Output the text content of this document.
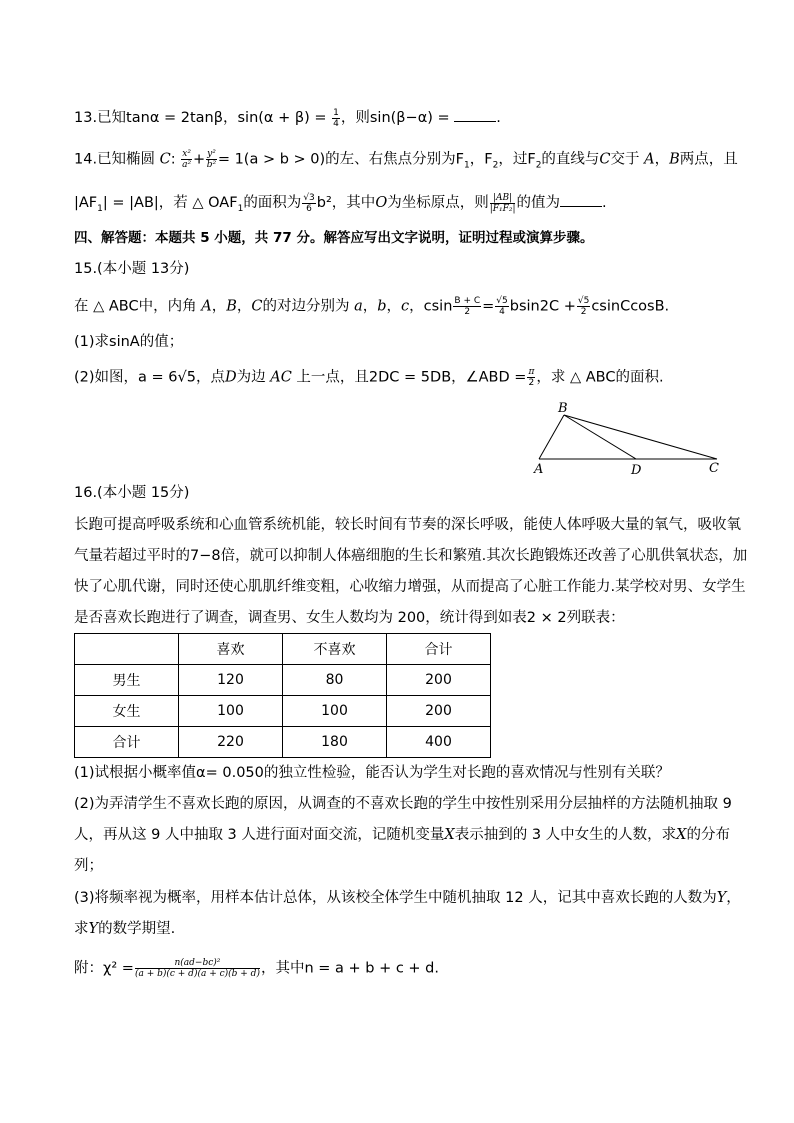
13.已知tanα = 2tanβ，$\sin(\alpha + \beta) = \frac{1}{4}$ ，则sin(β−α) =	.
14.已知椭圆 C: $\frac{\text{x²}}{\text{a²}} + \frac{\text{y²}}{\text{b²}} = 1(a > b > 0)$的左、右焦点分别为$F_1$，$F_2$，过$F_2$的直线与C交于 A，B两点，且
$|AF_1| = |AB|$，若 △ $OAF_1$的面积为 $\frac{√3}{6} b^2$，其中O为坐标原点，则 $\frac{|AB|}{\text{|F₁F₂|}}$ 的值为	.
四、解答题：本题共 5 小题，共 77 分。解答应写出文字说明，证明过程或演算步骤。
15.(本小题 13分)
在 △ ABC中，内角 A，B，C的对边分别为 a，b，c，csin $\frac{B + C}{2} = \frac{√5}{4} bsin2C + \frac{√5}{2}$ csinCcosB.
(1)求sinA的值；
(2)如图，a = 6√5，点D为边 AC 上一点，且2DC = 5DB，∠ABD = $\frac{\pi}{2}$ ，求 △ ABC的面积.
B
A	D	C
16.(本小题 15分)
长跑可提高呼吸系统和心血管系统机能，较长时间有节奏的深长呼吸，能使人体呼吸大量的氧气，吸收氧
气量若超过平时的7−8倍，就可以抑制人体癌细胞的生长和繁殖.其次长跑锻炼还改善了心肌供氧状态，加
快了心肌代谢，同时还使心肌肌纤维变粗，心收缩力增强，从而提高了心脏工作能力.某学校对男、女学生
是否喜欢长跑进行了调查，调查男、女生人数均为 200，统计得到如表2 × 2列联表：
	喜欢	不喜欢	合计
男生	120	80	200
女生	100	100	200
合计	220	180	400
(1)试根据小概率值α= 0.050的独立性检验，能否认为学生对长跑的喜欢情况与性别有关联？
(2)为弄清学生不喜欢长跑的原因，从调查的不喜欢长跑的学生中按性别采用分层抽样的方法随机抽取 9
人，再从这 9 人中抽取 3 人进行面对面交流，记随机变量X表示抽到的 3 人中女生的人数，求X的分布
列；
(3)将频率视为概率，用样本估计总体，从该校全体学生中随机抽取 12 人，记其中喜欢长跑的人数为Y，
求Y的数学期望.
附：$\chi^2 = \frac{\text{n(ad−bc)²}}{(a + b)(c + d)(a + c)(b + d)}$ ，其中n = a + b + c + d.
